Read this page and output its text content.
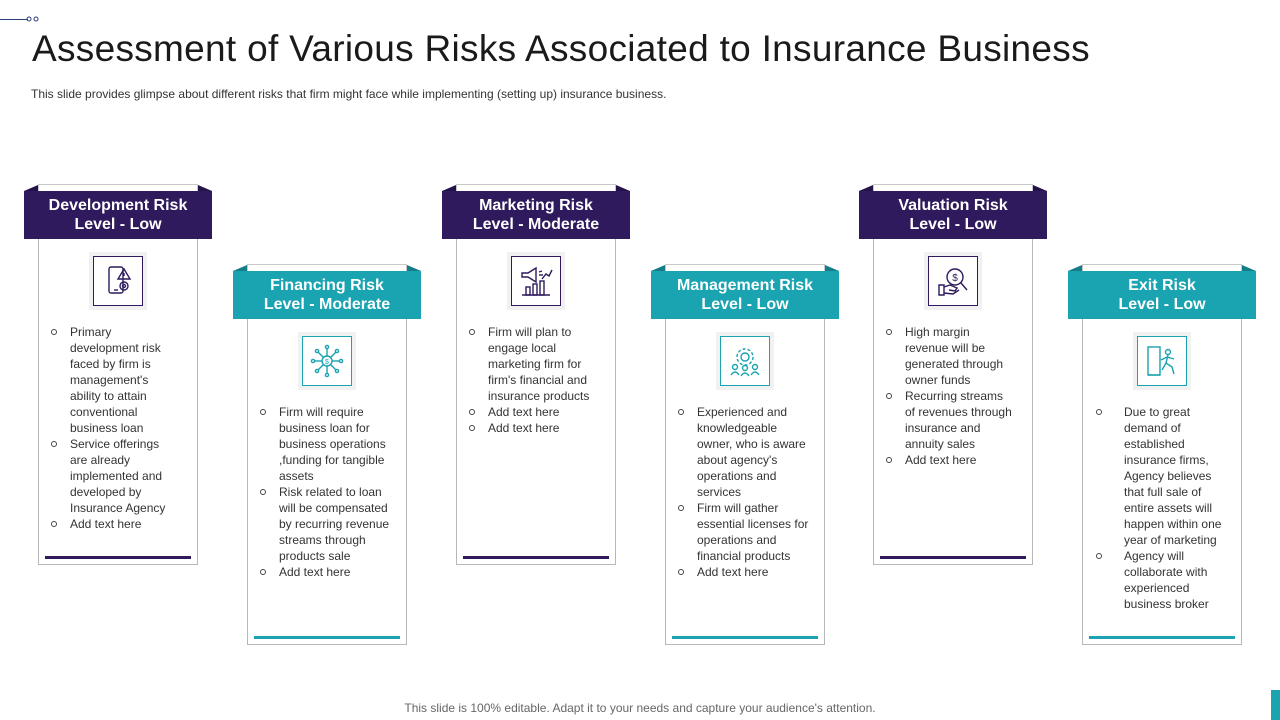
Assessment of Various Risks Associated to Insurance Business
This slide provides glimpse about different risks that firm might face while implementing (setting up) insurance business.
Development Risk
Level - Low
Primary development risk faced by firm is management's ability to attain conventional business loan
Service offerings are already implemented and developed by Insurance Agency
Add text here
Financing Risk
Level - Moderate
$
Firm will require business loan for business operations ,funding for tangible assets
Risk related to loan will be compensated by recurring revenue streams through products sale
Add text here
Marketing Risk
Level - Moderate
Firm will plan to engage local marketing firm for firm's financial and insurance products
Add text here
Add text here
Management Risk
Level - Low
Experienced and knowledgeable owner, who is aware about agency's operations and services
Firm will gather essential licenses for operations and financial products
Add text here
Valuation Risk
Level - Low
$
High margin revenue will be generated through owner funds
Recurring streams of revenues through insurance and annuity sales
Add text here
Exit Risk
Level - Low
Due to great demand of established insurance firms, Agency believes that full sale of entire assets will happen within one year of marketing
Agency will collaborate with experienced business broker
This slide is 100% editable. Adapt it to your needs and capture your audience's attention.
